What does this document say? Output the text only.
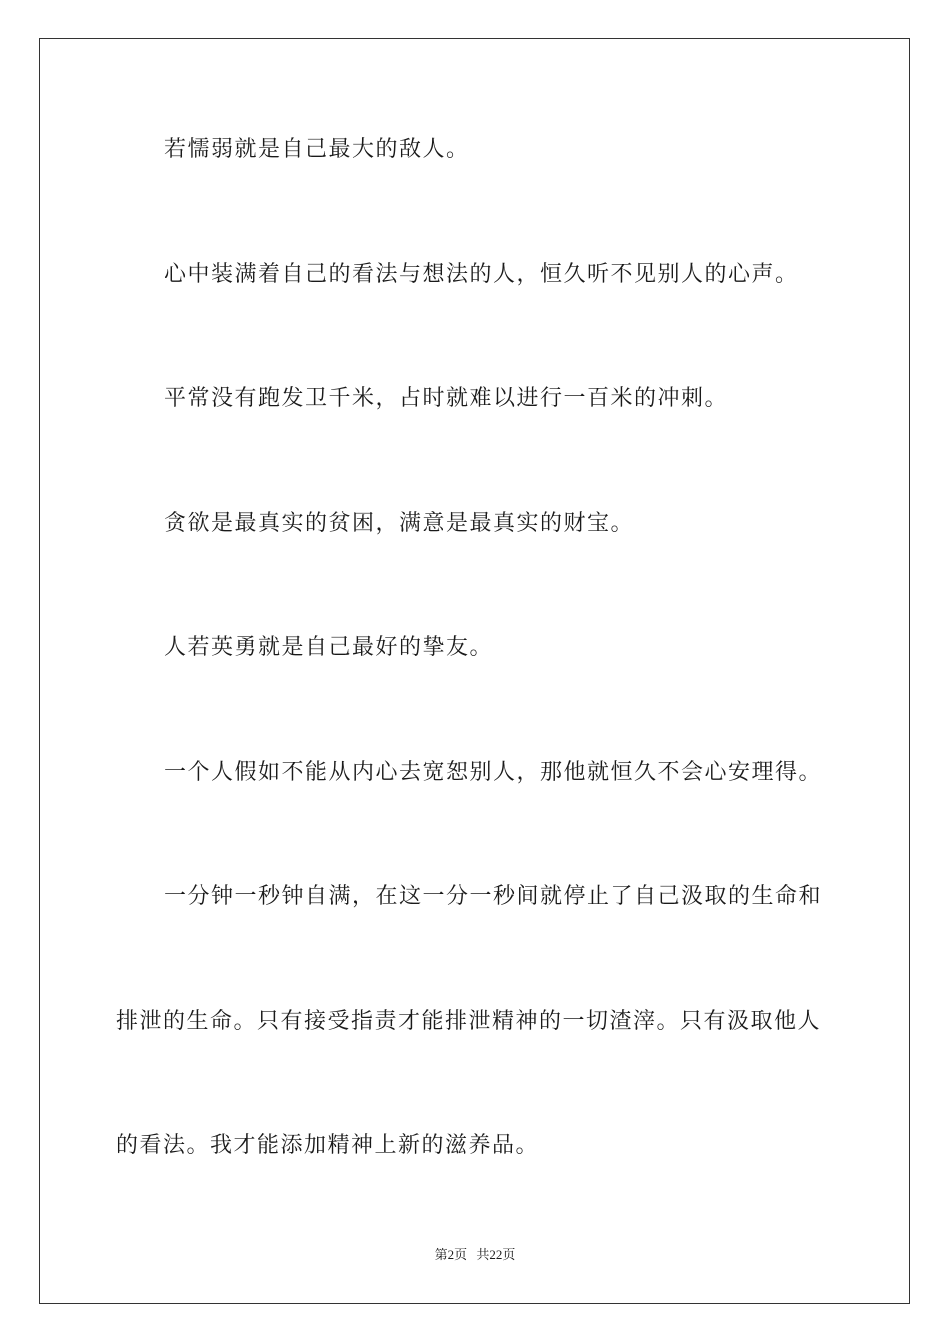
若懦弱就是自己最大的敌人。
心中装满着自己的看法与想法的人，恒久听不见别人的心声。
平常没有跑发卫千米，占时就难以进行一百米的冲刺。
贪欲是最真实的贫困，满意是最真实的财宝。
人若英勇就是自己最好的挚友。
一个人假如不能从内心去宽恕别人，那他就恒久不会心安理得。
一分钟一秒钟自满，在这一分一秒间就停止了自己汲取的生命和
排泄的生命。只有接受指责才能排泄精神的一切渣滓。只有汲取他人
的看法。我才能添加精神上新的滋养品。
第2页 共22页
